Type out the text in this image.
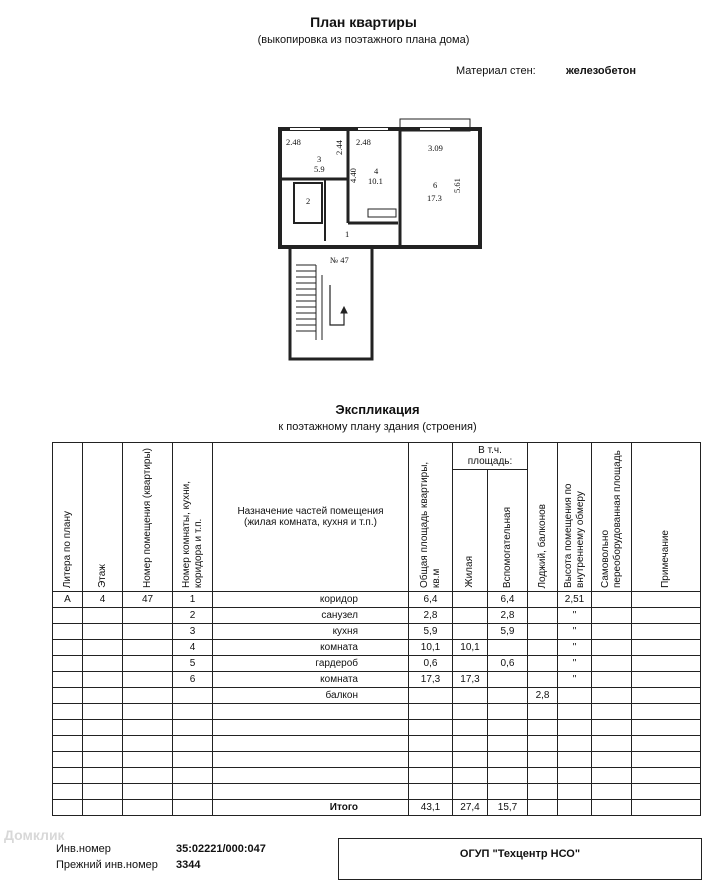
План квартиры
(выкопировка из поэтажного плана дома)
Материал стен:	железобетон
2.48	2.48
3.09
2.44
4.40
5.61
3
5.9	4
10.1
2
6
17.3
1
№ 47
Экспликация
к поэтажному плану здания (строения)
Литера по плану	Этаж	Номер помещения (квартиры)	Номер комнаты, кухни, коридора и т.п.	Назначение частей помещения (жилая комната, кухня и т.п.)	Общая площадь квартиры, кв.м	В т.ч. площадь:		Лоджий, балконов	Высота помещения по внутреннему обмеру	Самовольно переоборудованная площадь	Примечание
						Жилая	Вспомогательная				
А	4	47	1	коридор	6,4		6,4		2,51		
			2	санузел	2,8		2,8		"		
			3	кухня	5,9		5,9		"		
			4	комната	10,1	10,1			"		
			5	гардероб	0,6		0,6		"		
			6	комната	17,3	17,3			"		
				балкон				2,8			

				Итого	43,1	27,4	15,7				
Домклик
Инв.номер	35:02221/000:047
Прежний инв.номер 3344
ОГУП "Техцентр НСО"
